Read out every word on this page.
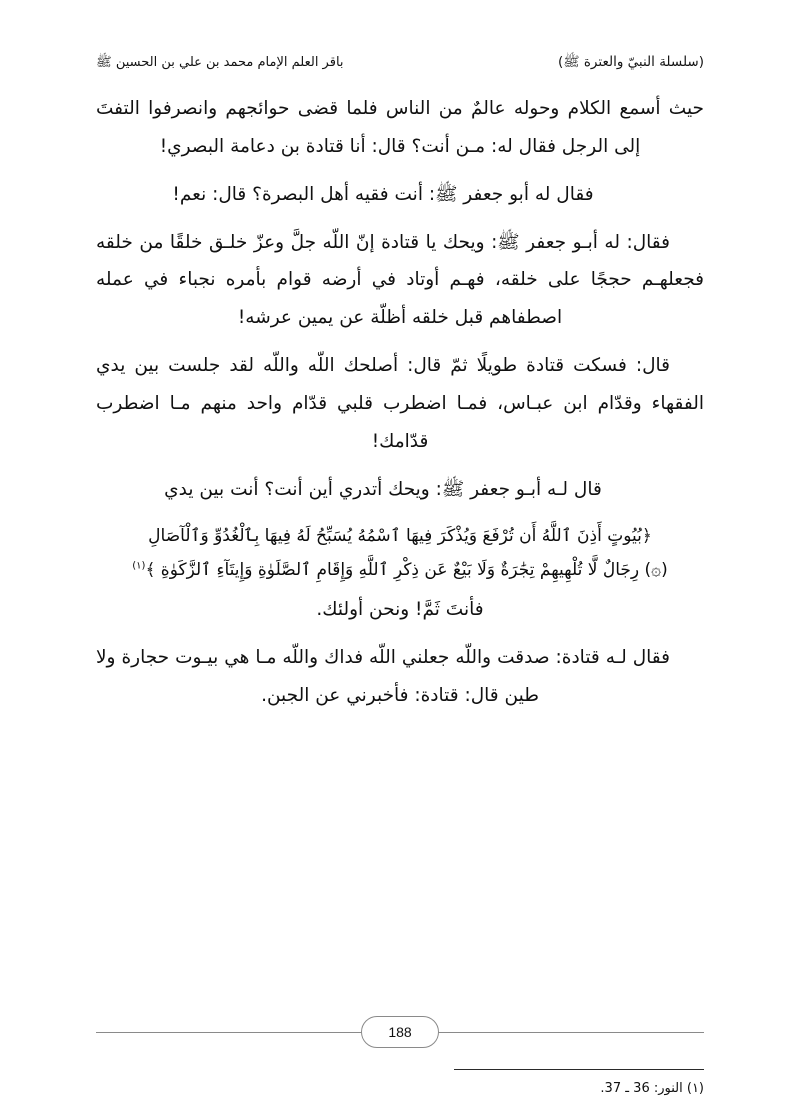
(سلسلة النبيّ والعترة ﷺ)
باقر العلم الإمام محمد بن علي بن الحسين ﷺ

حيث أسمع الكلام وحوله عالمٌ من الناس فلما قضى حوائجهم وانصرفوا التفتَ إلى الرجل فقال له: مـن أنت؟ قال: أنا قتادة بن دعامة البصري!

فقال له أبو جعفر ﷺ: أنت فقيه أهل البصرة؟ قال: نعم!

فقال: له أبـو جعفر ﷺ: ويحك يا قتادة إنّ اللّه جلَّ وعزّ خلـق خلقًا من خلقه فجعلهـم حججًا على خلقه، فهـم أوتاد في أرضه قوام بأمره نجباء في عمله اصطفاهم قبل خلقه أظلّة عن يمين عرشه!

قال: فسكت قتادة طويلًا ثمّ قال: أصلحك اللّه واللّه لقد جلست بين يدي الفقهاء وقدّام ابن عبـاس، فمـا اضطرب قلبي قدّام واحد منهم مـا اضطرب قدّامك!

قال لـه أبـو جعفر ﷺ: ويحك أتدري أين أنت؟ أنت بين يدي

﴿بُيُوتٍ أَذِنَ ٱللَّهُ أَن تُرْفَعَ وَيُذْكَرَ فِيهَا ٱسْمُهُ يُسَبِّحُ لَهُ فِيهَا بِٱلْغُدُوِّ وَٱلْآصَالِ
(۞) رِجَالٌ لَّا تُلْهِيهِمْ تِجَٰرَةٌ وَلَا بَيْعٌ عَن ذِكْرِ ٱللَّهِ وَإِقَامِ ٱلصَّلَوٰةِ وَإِيتَآءِ ٱلزَّكَوٰةِ ﴾$^{(١)}$

فأنتَ ثَمَّ! ونحن أولئك.

فقال لـه قتادة: صدقت واللّه جعلني اللّه فداك واللّه مـا هي بيـوت حجارة ولا طين قال: قتادة: فأخبرني عن الجبن.

(١) النور: 36 ـ 37.
188
